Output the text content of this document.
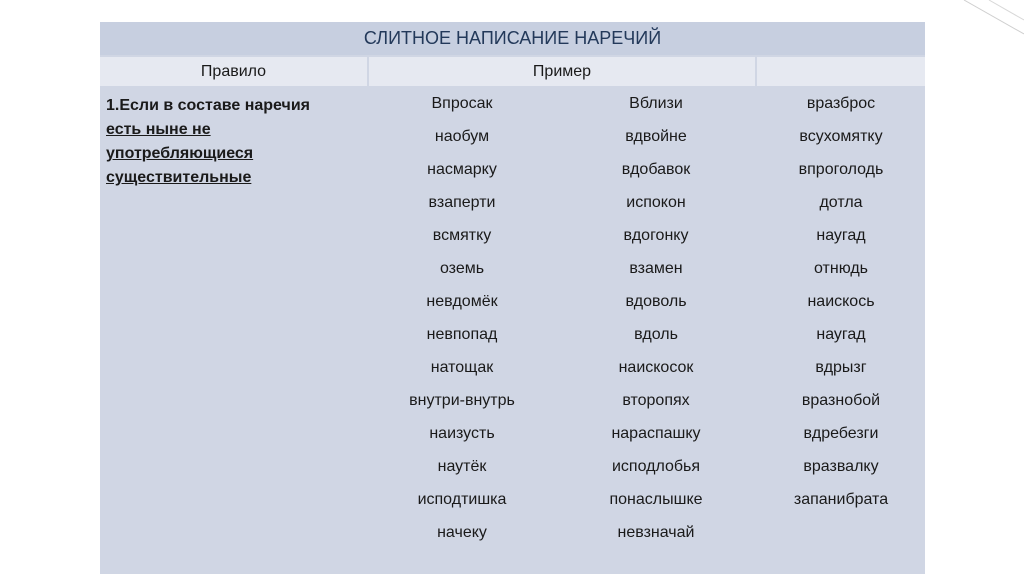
СЛИТНОЕ НАПИСАНИЕ НАРЕЧИЙ
Правило	Пример
1.Если в составе наречия
есть ныне не
употребляющиеся
существительные
Впросак
наобум
насмарку
взаперти
всмятку
оземь
невдомёк
невпопад
натощак
внутри-внутрь
наизусть
наутёк
исподтишка
начеку
Вблизи
вдвойне
вдобавок
испокон
вдогонку
взамен
вдоволь
вдоль
наискосок
второпях
нараспашку
исподлобья
понаслышке
невзначай
вразброс
всухомятку
впроголодь
дотла
наугад
отнюдь
наискось
наугад
вдрызг
вразнобой
вдребезги
вразвалку
запанибрата
